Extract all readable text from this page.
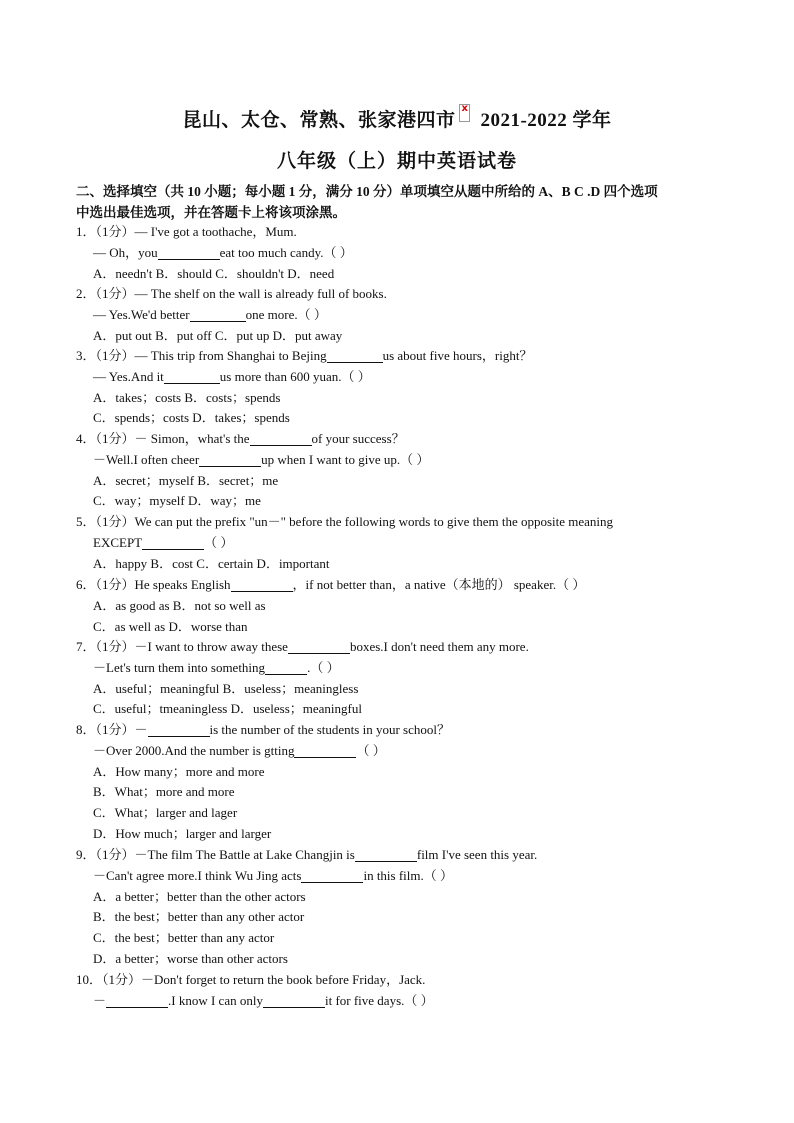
昆山、太仓、常熟、张家港四市x 2021-2022 学年
八年级（上）期中英语试卷
二、选择填空（共 10 小题；每小题 1 分，满分 10 分）单项填空从题中所给的 A、B C .D 四个选项
中选出最佳选项，并在答题卡上将该项涂黑。
1．（1分）— I've got a toothache，Mum.
— Oh，you	eat too much candy.（ ）
A．needn't B．should C．shouldn't D．need
2．（1分）— The shelf on the wall is already full of books.
— Yes.We'd better	one more.（ ）
A．put out B．put off C．put up D．put away
3．（1分）— This trip from Shanghai to Bejing	us about five hours，right？
— Yes.And it	us more than 600 yuan.（ ）
A．takes；costs B．costs；spends
C．spends；costs D．takes；spends
4．（1分）－ Simon，what's the	of your success？
－Well.I often cheer	up when I want to give up.（ ）
A．secret；myself B．secret；me
C．way；myself D．way；me
5．（1分）We can put the prefix "un－" before the following words to give them the opposite meaning
EXCEPT	（ ）
A．happy B．cost C．certain D．important
6．（1分）He speaks English	，if not better than，a native（本地的） speaker.（ ）
A．as good as B．not so well as
C．as well as D．worse than
7．（1分）－I want to throw away these	boxes.I don't need them any more.
－Let's turn them into something	.（ ）
A．useful；meaningful B．useless；meaningless
C．useful；tmeaningless D．useless；meaningful
8．（1分）－	is the number of the students in your school？
－Over 2000.And the number is gtting	（ ）
A．How many；more and more
B．What；more and more
C．What；larger and lager
D．How much；larger and larger
9．（1分）－The film The Battle at Lake Changjin is	film I've seen this year.
－Can't agree more.I think Wu Jing acts	in this film.（ ）
A．a better；better than the other actors
B．the best；better than any other actor
C．the best；better than any actor
D．a better；worse than other actors
10．（1分）－Don't forget to return the book before Friday，Jack.
－	.I know I can only	it for five days.（ ）
